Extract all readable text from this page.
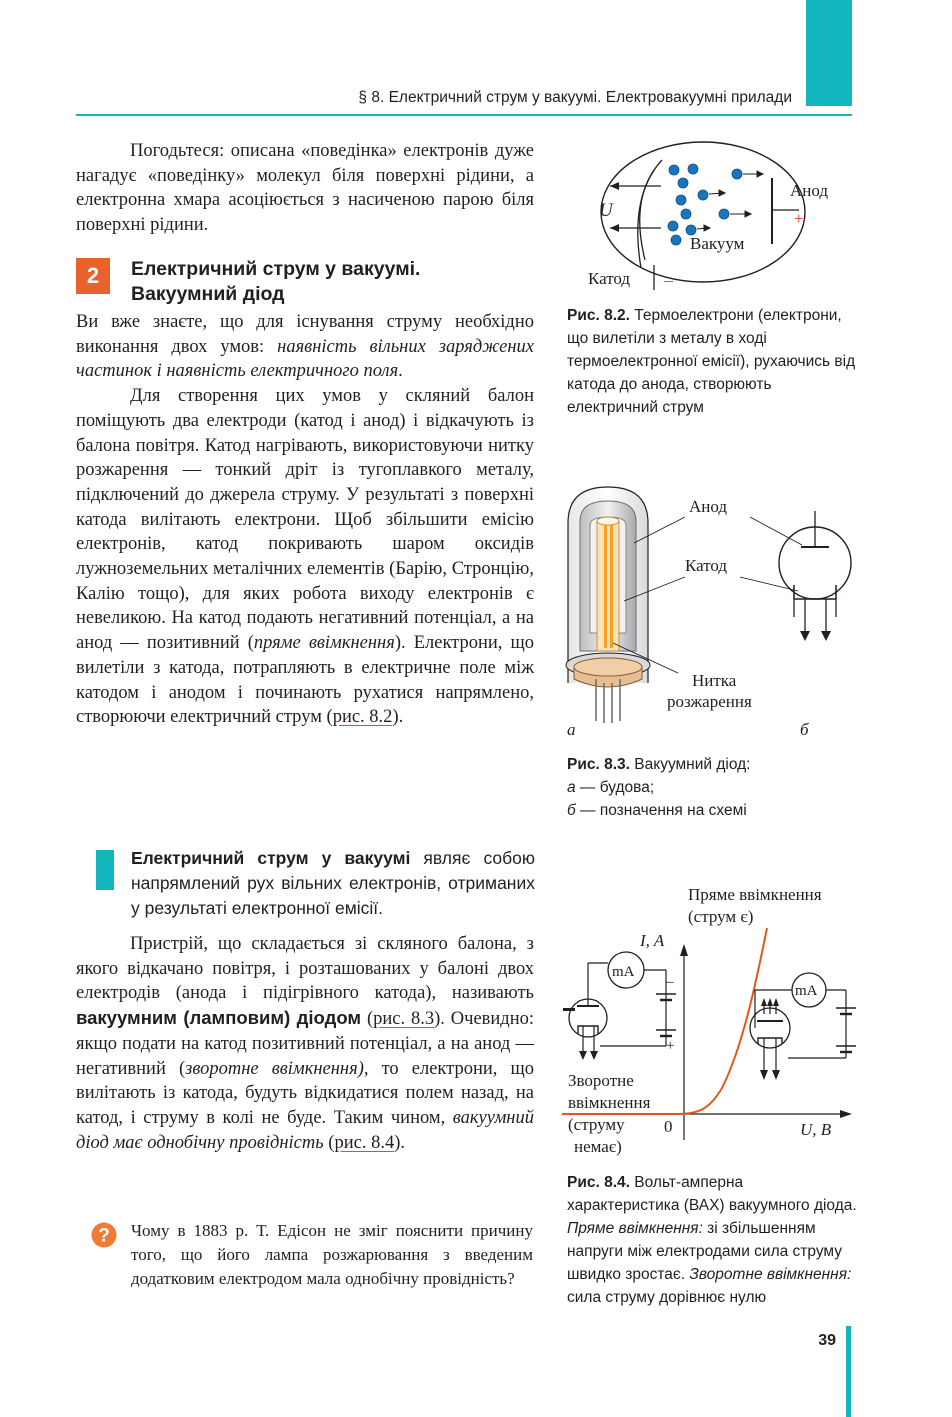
§ 8. Електричний струм у вакуумі. Електровакуумні прилади

Погодьтеся: описана «поведінка» електронів дуже нагадує «поведінку» молекул біля поверхні рідини, а електронна хмара асоціюється з насиченою парою біля поверхні рідини.

2	Електричний струм у вакуумі.
Вакуумний діод

Ви вже знаєте, що для існування струму необхідно виконання двох умов: наявність вільних заряджених частинок і наявність електричного поля.

Для створення цих умов у скляний балон поміщують два електроди (катод і анод) і відкачують із балона повітря. Катод нагрівають, використовуючи нитку розжарення — тонкий дріт із тугоплавкого металу, підключений до джерела струму. У результаті з поверхні катода вилітають електрони. Щоб збільшити емісію електронів, катод покривають шаром оксидів лужноземельних металічних елементів (Барію, Стронцію, Калію тощо), для яких робота виходу електронів є невеликою. На катод подають негативний потенціал, а на анод — позитивний (пряме ввімкнення). Електрони, що вилетіли з катода, потрапляють в електричне поле між катодом і анодом і починають рухатися напрямлено, створюючи електричний струм (рис. 8.2).

Електричний струм у вакуумі являє собою напрямлений рух вільних електронів, отриманих у результаті електронної емісії.

Пристрій, що складається зі скляного балона, з якого відкачано повітря, і розташованих у балоні двох електродів (анода і підігрівного катода), називають вакуумним (ламповим) діодом (рис. 8.3). Очевидно: якщо подати на катод позитивний потенціал, а на анод — негативний (зворотне ввімкнення), то електрони, що вилітають із катода, будуть відкидатися полем назад, на катод, і струму в колі не буде. Таким чином, вакуумний діод має однобічну провідність (рис. 8.4).

? Чому в 1883 р. Т. Едісон не зміг пояснити причину того, що його лампа розжарювання з введеним додатковим електродом мала однобічну провідність?
U
Анод
+
Вакуум
Катод –
Рис. 8.2. Термоелектрони (електрони, що вилетіли з металу в ході термоелектронної емісії), рухаючись від катода до анода, створюють електричний струм
Анод
Катод
Нитка
розжарення
а	б
Рис. 8.3. Вакуумний діод:
а — будова;
б — позначення на схемі
Пряме ввімкнення
(струм є)
I, A
mA
mA
–
+
Зворотне
ввімкнення
(струму
немає)
0	U, B
Рис. 8.4. Вольт-амперна характеристика (ВАХ) вакуумного діода. Пряме ввімкнення: зі збільшенням напруги між електродами сила струму швидко зростає. Зворотне ввімкнення: сила струму дорівнює нулю
39
